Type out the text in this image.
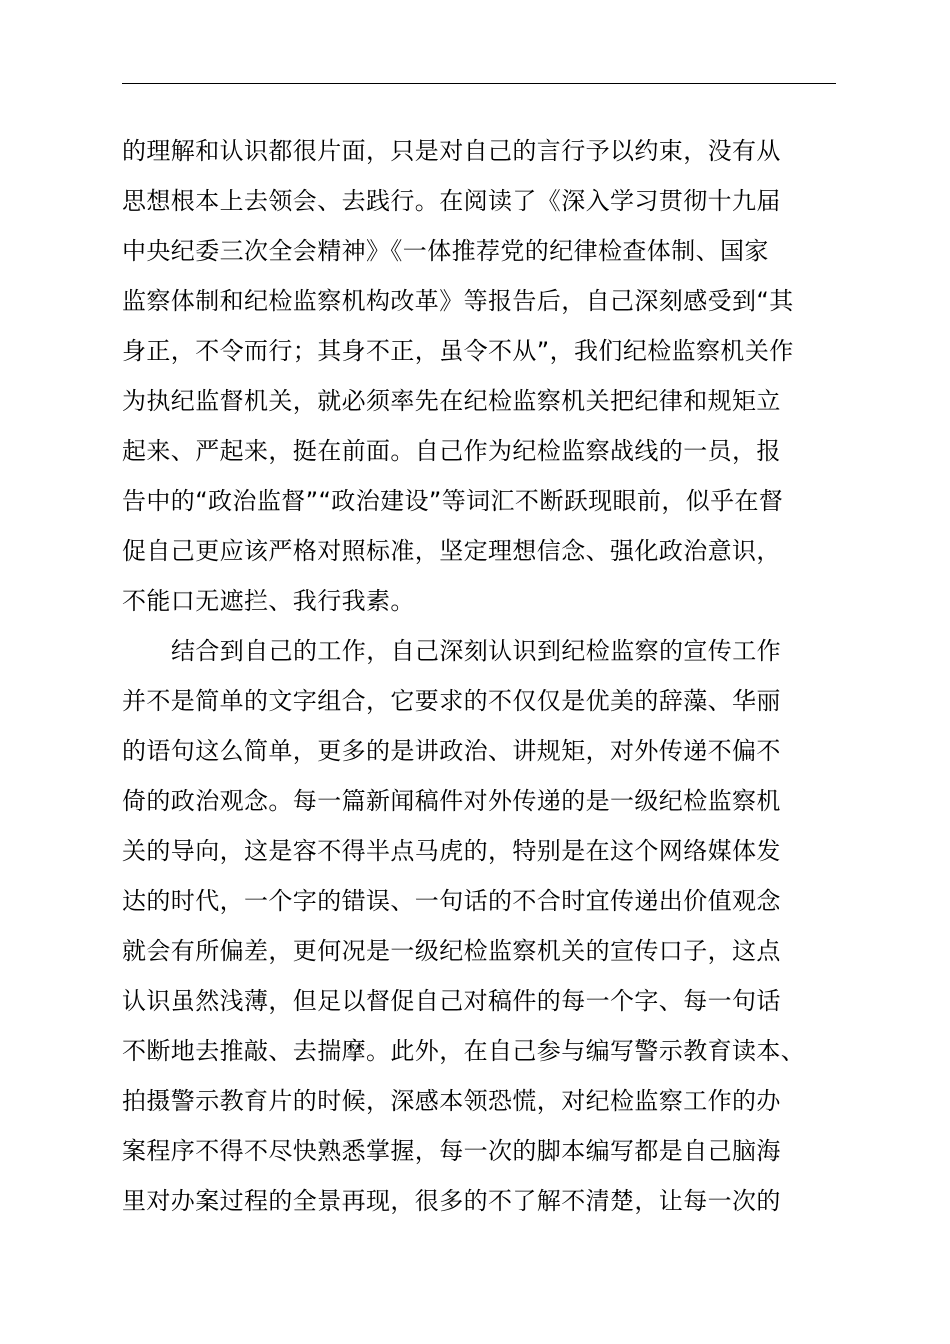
的理解和认识都很片面，只是对自己的言行予以约束，没有从
思想根本上去领会、去践行。在阅读了《深入学习贯彻十九届
中央纪委三次全会精神》《一体推荐党的纪律检查体制、国家
监察体制和纪检监察机构改革》等报告后，自己深刻感受到“其
身正，不令而行；其身不正，虽令不从”，我们纪检监察机关作
为执纪监督机关，就必须率先在纪检监察机关把纪律和规矩立
起来、严起来，挺在前面。自己作为纪检监察战线的一员，报
告中的“政治监督”“政治建设”等词汇不断跃现眼前，似乎在督
促自己更应该严格对照标准，坚定理想信念、强化政治意识，
不能口无遮拦、我行我素。
结合到自己的工作，自己深刻认识到纪检监察的宣传工作
并不是简单的文字组合，它要求的不仅仅是优美的辞藻、华丽
的语句这么简单，更多的是讲政治、讲规矩，对外传递不偏不
倚的政治观念。每一篇新闻稿件对外传递的是一级纪检监察机
关的导向，这是容不得半点马虎的，特别是在这个网络媒体发
达的时代，一个字的错误、一句话的不合时宜传递出价值观念
就会有所偏差，更何况是一级纪检监察机关的宣传口子，这点
认识虽然浅薄，但足以督促自己对稿件的每一个字、每一句话
不断地去推敲、去揣摩。此外，在自己参与编写警示教育读本、
拍摄警示教育片的时候，深感本领恐慌，对纪检监察工作的办
案程序不得不尽快熟悉掌握，每一次的脚本编写都是自己脑海
里对办案过程的全景再现，很多的不了解不清楚，让每一次的
